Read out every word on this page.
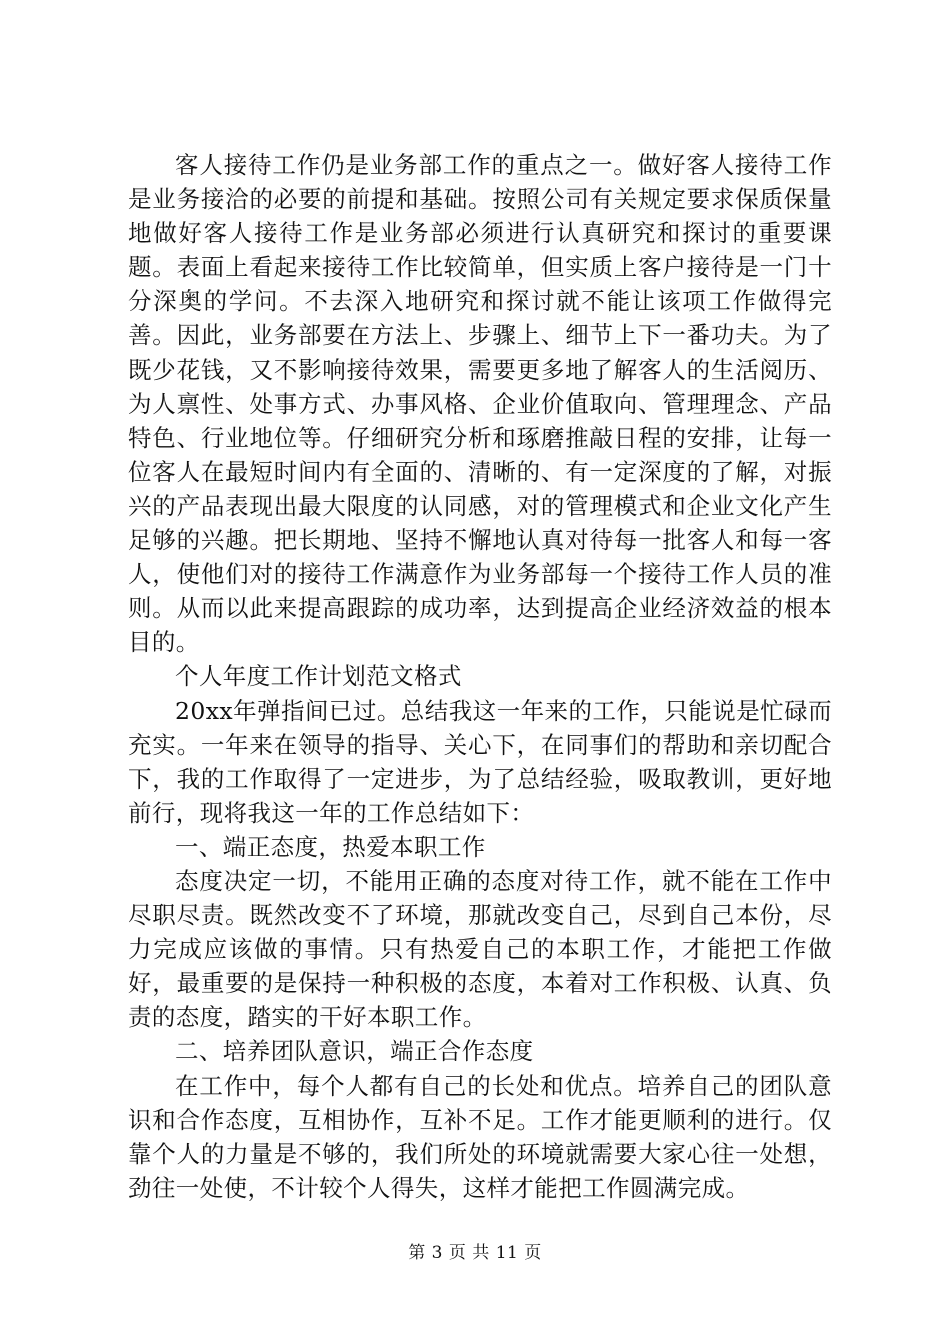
客人接待工作仍是业务部工作的重点之一。做好客人接待工作是业务接洽的必要的前提和基础。按照公司有关规定要求保质保量地做好客人接待工作是业务部必须进行认真研究和探讨的重要课题。表面上看起来接待工作比较简单，但实质上客户接待是一门十分深奥的学问。不去深入地研究和探讨就不能让该项工作做得完善。因此，业务部要在方法上、步骤上、细节上下一番功夫。为了既少花钱，又不影响接待效果，需要更多地了解客人的生活阅历、为人禀性、处事方式、办事风格、企业价值取向、管理理念、产品特色、行业地位等。仔细研究分析和琢磨推敲日程的安排，让每一位客人在最短时间内有全面的、清晰的、有一定深度的了解，对振兴的产品表现出最大限度的认同感，对的管理模式和企业文化产生足够的兴趣。把长期地、坚持不懈地认真对待每一批客人和每一客人，使他们对的接待工作满意作为业务部每一个接待工作人员的准则。从而以此来提高跟踪的成功率，达到提高企业经济效益的根本目的。

个人年度工作计划范文格式

20xx年弹指间已过。总结我这一年来的工作，只能说是忙碌而充实。一年来在领导的指导、关心下，在同事们的帮助和亲切配合下，我的工作取得了一定进步，为了总结经验，吸取教训，更好地前行，现将我这一年的工作总结如下：

一、端正态度，热爱本职工作

态度决定一切，不能用正确的态度对待工作，就不能在工作中尽职尽责。既然改变不了环境，那就改变自己，尽到自己本份，尽力完成应该做的事情。只有热爱自己的本职工作，才能把工作做好，最重要的是保持一种积极的态度，本着对工作积极、认真、负责的态度，踏实的干好本职工作。

二、培养团队意识，端正合作态度

在工作中，每个人都有自己的长处和优点。培养自己的团队意识和合作态度，互相协作，互补不足。工作才能更顺利的进行。仅靠个人的力量是不够的，我们所处的环境就需要大家心往一处想，劲往一处使，不计较个人得失，这样才能把工作圆满完成。

第 3 页 共 11 页
